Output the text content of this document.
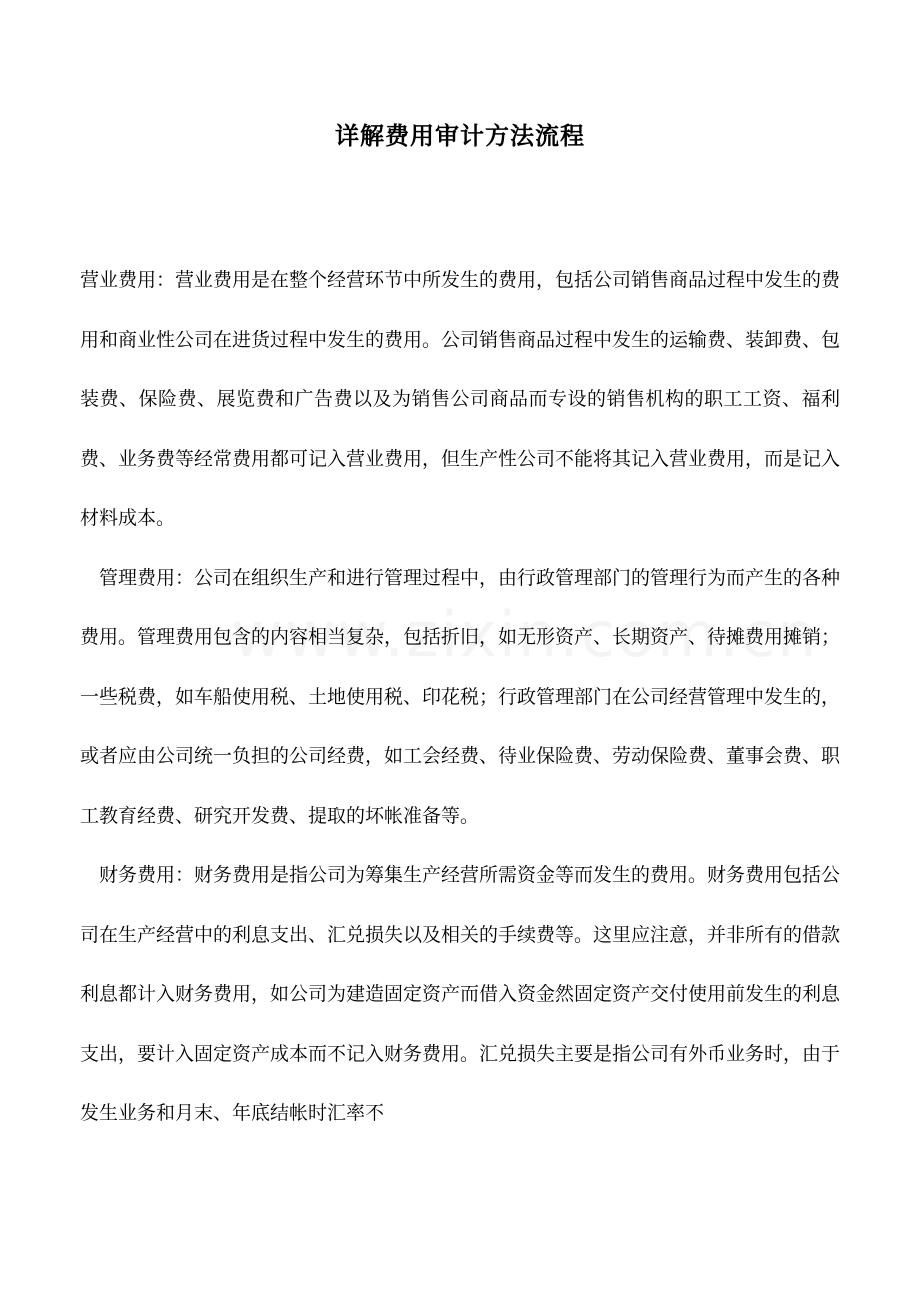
详解费用审计方法流程

营业费用：营业费用是在整个经营环节中所发生的费用，包括公司销售商品过程中发生的费用和商业性公司在进货过程中发生的费用。公司销售商品过程中发生的运输费、装卸费、包装费、保险费、展览费和广告费以及为销售公司商品而专设的销售机构的职工工资、福利费、业务费等经常费用都可记入营业费用，但生产性公司不能将其记入营业费用，而是记入材料成本。

　管理费用：公司在组织生产和进行管理过程中，由行政管理部门的管理行为而产生的各种费用。管理费用包含的内容相当复杂，包括折旧，如无形资产、长期资产、待摊费用摊销；一些税费，如车船使用税、土地使用税、印花税；行政管理部门在公司经营管理中发生的，或者应由公司统一负担的公司经费，如工会经费、待业保险费、劳动保险费、董事会费、职工教育经费、研究开发费、提取的坏帐准备等。

　财务费用：财务费用是指公司为筹集生产经营所需资金等而发生的费用。财务费用包括公司在生产经营中的利息支出、汇兑损失以及相关的手续费等。这里应注意，并非所有的借款利息都计入财务费用，如公司为建造固定资产而借入资金然固定资产交付使用前发生的利息支出，要计入固定资产成本而不记入财务费用。汇兑损失主要是指公司有外币业务时，由于发生业务和月末、年底结帐时汇率不
